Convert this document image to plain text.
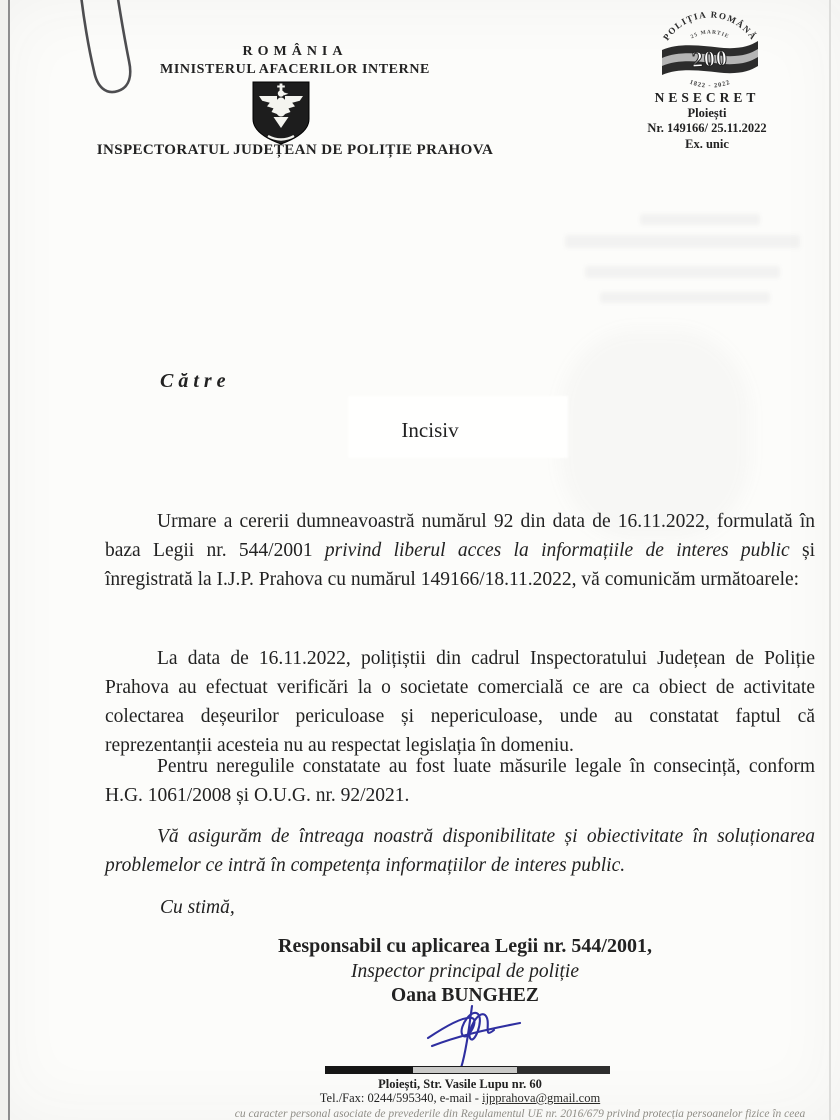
ROMÂNIA
MINISTERUL AFACERILOR INTERNE
INSPECTORATUL JUDEȚEAN DE POLIȚIE PRAHOVA
POLIȚIA ROMÂNĂ
25 MARTIE
200
1822 - 2022
NESECRET
Ploiești
Nr. 149166/ 25.11.2022
Ex. unic
Către
Incisiv

Urmare a cererii dumneavoastră numărul 92 din data de 16.11.2022, formulată în baza Legii nr. 544/2001 privind liberul acces la informațiile de interes public și înregistrată la I.J.P. Prahova cu numărul 149166/18.11.2022, vă comunicăm următoarele:

La data de 16.11.2022, polițiștii din cadrul Inspectoratului Județean de Poliție Prahova au efectuat verificări la o societate comercială ce are ca obiect de activitate colectarea deșeurilor periculoase și nepericuloase, unde au constatat faptul că reprezentanții acesteia nu au respectat legislația în domeniu.

Pentru neregulile constatate au fost luate măsurile legale în consecință, conform H.G. 1061/2008 și O.U.G. nr. 92/2021.

Vă asigurăm de întreaga noastră disponibilitate și obiectivitate în soluționarea problemelor ce intră în competența informațiilor de interes public.

Cu stimă,
Responsabil cu aplicarea Legii nr. 544/2001,
Inspector principal de poliție
Oana BUNGHEZ
Ploiești, Str. Vasile Lupu nr. 60
Tel./Fax: 0244/595340, e-mail - ijpprahova@gmail.com
cu caracter personal asociate de prevederile din Regulamentul UE nr. 2016/679 privind protecția persoanelor fizice în ceea
